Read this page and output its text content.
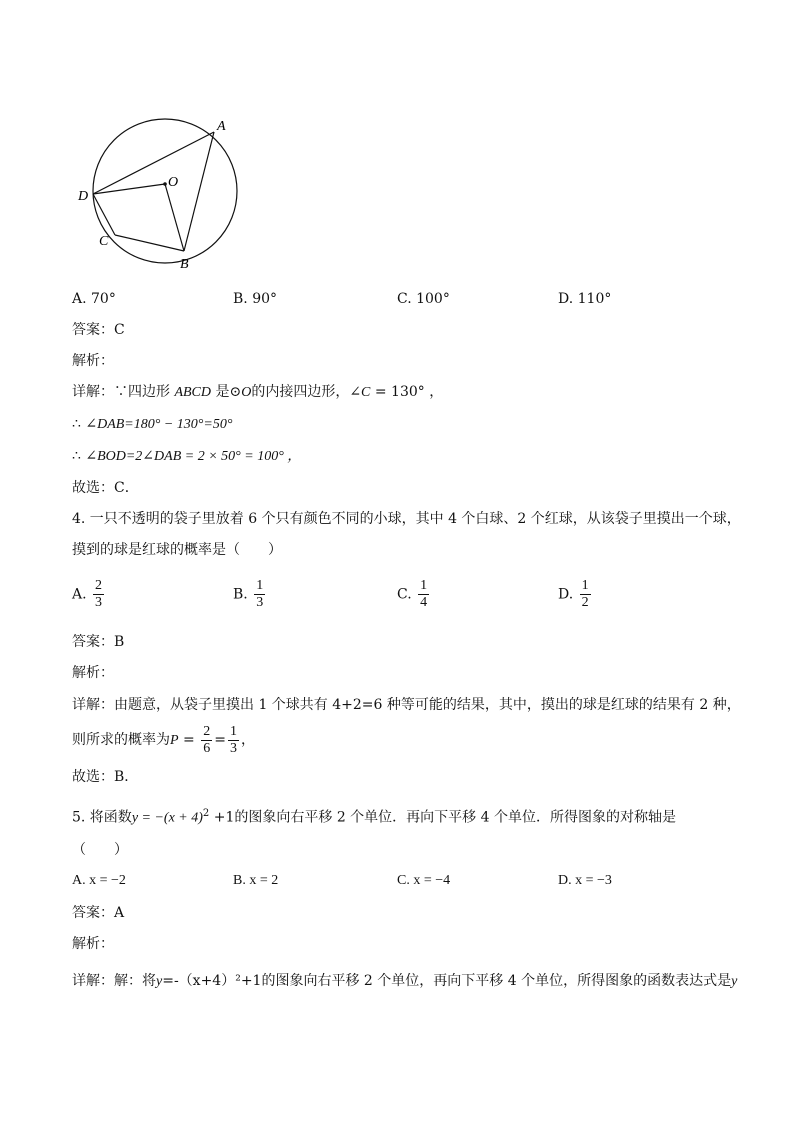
A
O
D
C
B
A. 70°	B. 90°	C. 100°	D. 110°
答案：C
解析：
详解：∵四边形 ABCD 是⊙O的内接四边形，∠C = 130° ，
∴ ∠DAB=180° − 130°=50°
∴ ∠BOD=2∠DAB = 2 × 50° = 100° ，
故选：C．
4. 一只不透明的袋子里放着 6 个只有颜色不同的小球，其中 4 个白球、2 个红球，从该袋子里摸出一个球，
摸到的球是红球的概率是（　　）
A. $\frac{2}{3}$	B. $\frac{1}{3}$	C. $\frac{1}{4}$	D. $\frac{1}{2}$
答案：B
解析：
详解：由题意，从袋子里摸出 1 个球共有 4+2=6 种等可能的结果，其中，摸出的球是红球的结果有 2 种，
则所求的概率为$P = \frac{2}{6} = \frac{1}{3}$ ，
故选：B．
5. 将函数$y = -(x + 4)^2 +1$的图象向右平移 2 个单位．再向下平移 4 个单位．所得图象的对称轴是
（　　）
A. x = −2	B. x = 2	C. x = −4	D. x = −3
答案：A
解析：
详解：解：将y=-（x+4）²+1的图象向右平移 2 个单位，再向下平移 4 个单位，所得图象的函数表达式是y
